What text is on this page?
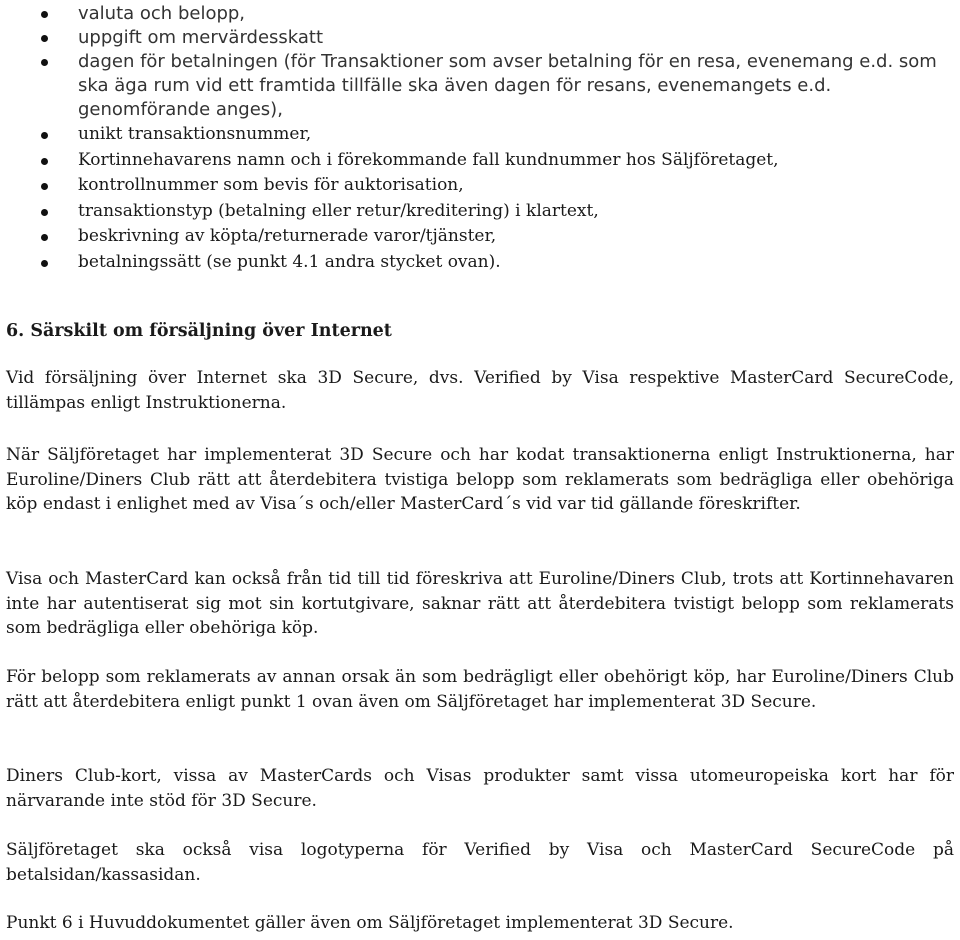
valuta och belopp,
uppgift om mervärdesskatt
dagen för betalningen (för Transaktioner som avser betalning för en resa, evenemang e.d. som ska äga rum vid ett framtida tillfälle ska även dagen för resans, evenemangets e.d. genomförande anges),
unikt transaktionsnummer,
Kortinnehavarens namn och i förekommande fall kundnummer hos Säljföretaget,
kontrollnummer som bevis för auktorisation,
transaktionstyp (betalning eller retur/kreditering) i klartext,
beskrivning av köpta/returnerade varor/tjänster,
betalningssätt (se punkt 4.1 andra stycket ovan).
6. Särskilt om försäljning över Internet

Vid försäljning över Internet ska 3D Secure, dvs. Verified by Visa respektive MasterCard SecureCode, tillämpas enligt Instruktionerna.

När Säljföretaget har implementerat 3D Secure och har kodat transaktionerna enligt Instruktionerna, har Euroline/Diners Club rätt att återdebitera tvistiga belopp som reklamerats som bedrägliga eller obehöriga köp endast i enlighet med av Visa´s och/eller MasterCard´s vid var tid gällande föreskrifter.

Visa och MasterCard kan också från tid till tid föreskriva att Euroline/Diners Club, trots att Kortinnehavaren inte har autentiserat sig mot sin kortutgivare, saknar rätt att återdebitera tvistigt belopp som reklamerats som bedrägliga eller obehöriga köp.

För belopp som reklamerats av annan orsak än som bedrägligt eller obehörigt köp, har Euroline/Diners Club rätt att återdebitera enligt punkt 1 ovan även om Säljföretaget har implementerat 3D Secure.

Diners Club-kort, vissa av MasterCards och Visas produkter samt vissa utomeuropeiska kort har för närvarande inte stöd för 3D Secure.

Säljföretaget ska också visa logotyperna för Verified by Visa och MasterCard SecureCode på betalsidan/kassasidan.

Punkt 6 i Huvuddokumentet gäller även om Säljföretaget implementerat 3D Secure.
